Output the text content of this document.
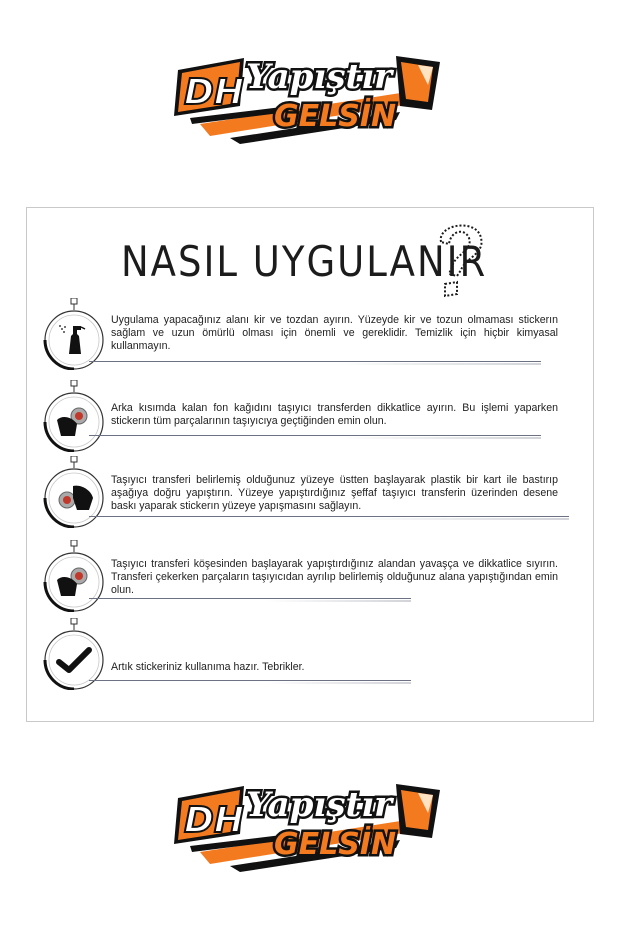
DH Yapıştır
GELSİN
NASIL UYGULANIR

Uygulama yapacağınız alanı kir ve tozdan ayırın. Yüzeyde kir ve tozun olmaması stickerın sağlam ve uzun ömürlü olması için önemli ve gereklidir. Temizlik için hiçbir kimyasal kullanmayın.

Arka kısımda kalan fon kağıdını taşıyıcı transferden dikkatlice ayırın. Bu işlemi yaparken stickerın tüm parçalarının taşıyıcıya geçtiğinden emin olun.

Taşıyıcı transferi belirlemiş olduğunuz yüzeye üstten başlayarak plastik bir kart ile bastırıp aşağıya doğru yapıştırın. Yüzeye yapıştırdığınız şeffaf taşıyıcı transferin üzerinden desene baskı yaparak stickerın yüzeye yapışmasını sağlayın.

Taşıyıcı transferi köşesinden başlayarak yapıştırdığınız alandan yavaşça ve dikkatlice sıyırın. Transferi çekerken parçaların taşıyıcıdan ayrılıp belirlemiş olduğunuz alana yapıştığından emin olun.

Artık stickeriniz kullanıma hazır. Tebrikler.

DH Yapıştır
GELSİN
